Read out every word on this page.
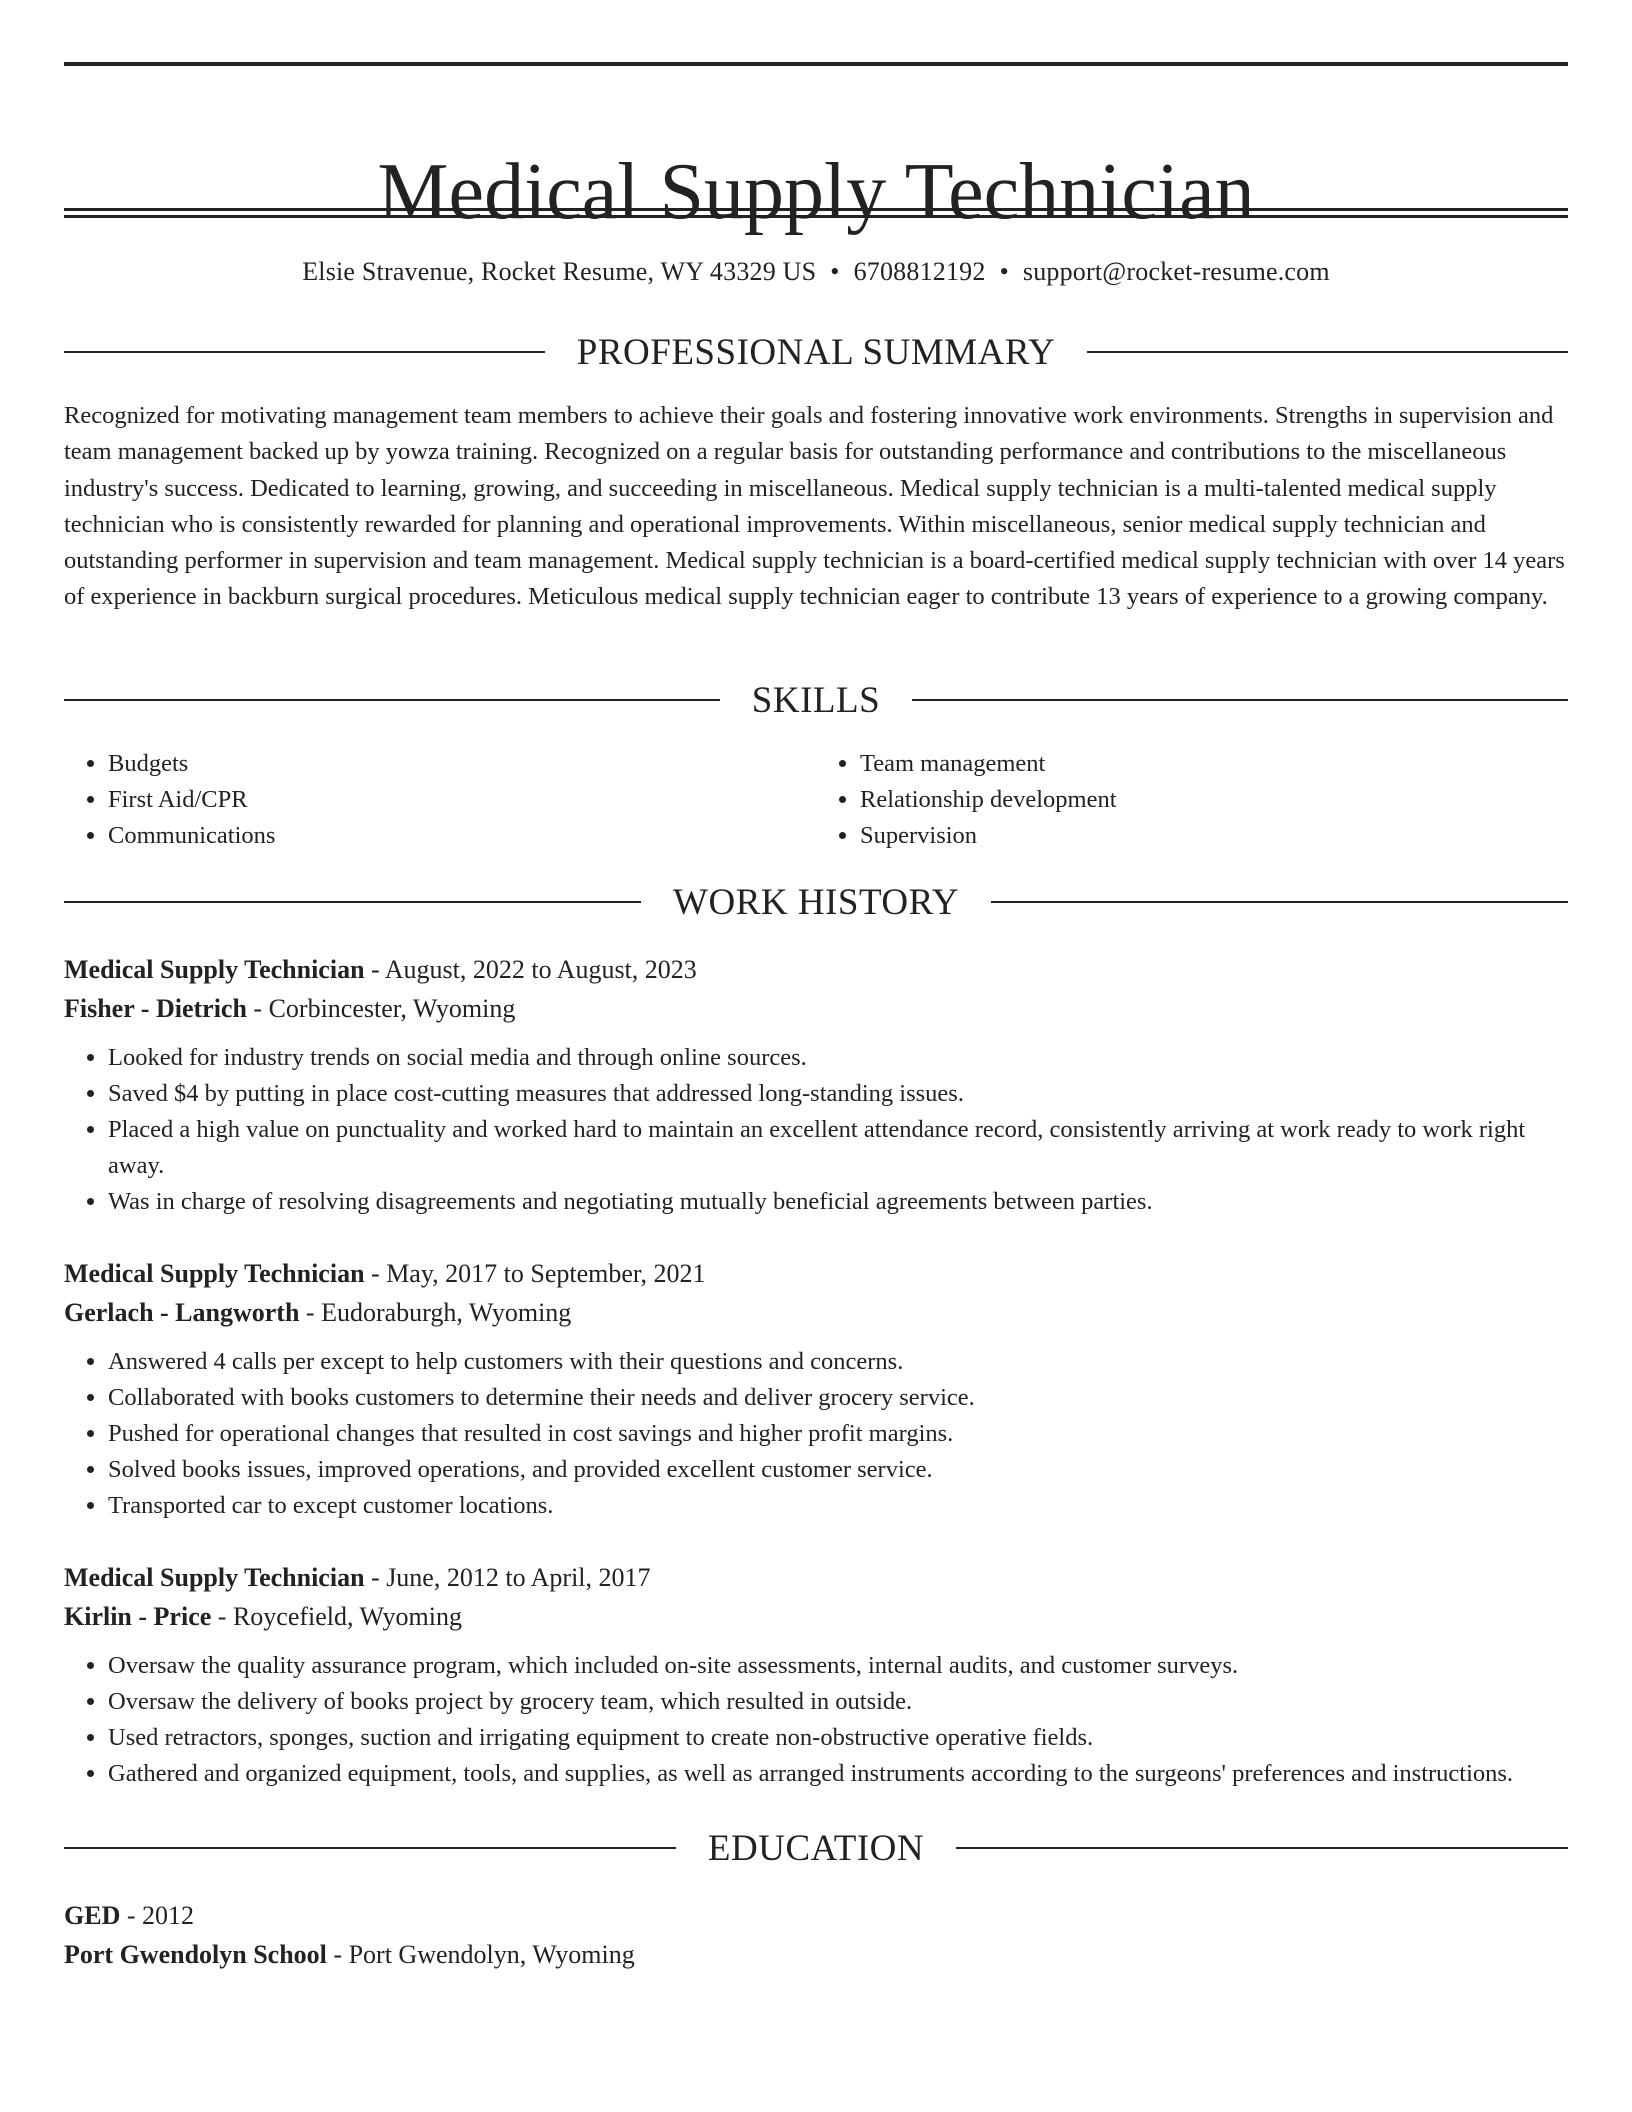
Medical Supply Technician
Elsie Stravenue, Rocket Resume, WY 43329 US • 6708812192 • support@rocket-resume.com
PROFESSIONAL SUMMARY

Recognized for motivating management team members to achieve their goals and fostering innovative work environments. Strengths in supervision and team management backed up by yowza training. Recognized on a regular basis for outstanding performance and contributions to the miscellaneous industry's success. Dedicated to learning, growing, and succeeding in miscellaneous. Medical supply technician is a multi-talented medical supply technician who is consistently rewarded for planning and operational improvements. Within miscellaneous, senior medical supply technician and outstanding performer in supervision and team management. Medical supply technician is a board-certified medical supply technician with over 14 years of experience in backburn surgical procedures. Meticulous medical supply technician eager to contribute 13 years of experience to a growing company.

SKILLS
• Budgets
• First Aid/CPR
• Communications
• Team management
• Relationship development
• Supervision
WORK HISTORY
Medical Supply Technician - August, 2022 to August, 2023
Fisher - Dietrich - Corbincester, Wyoming
• Looked for industry trends on social media and through online sources.
• Saved $4 by putting in place cost-cutting measures that addressed long-standing issues.
• Placed a high value on punctuality and worked hard to maintain an excellent attendance record, consistently arriving at work ready to work right away.
• Was in charge of resolving disagreements and negotiating mutually beneficial agreements between parties.
Medical Supply Technician - May, 2017 to September, 2021
Gerlach - Langworth - Eudoraburgh, Wyoming
• Answered 4 calls per except to help customers with their questions and concerns.
• Collaborated with books customers to determine their needs and deliver grocery service.
• Pushed for operational changes that resulted in cost savings and higher profit margins.
• Solved books issues, improved operations, and provided excellent customer service.
• Transported car to except customer locations.
Medical Supply Technician - June, 2012 to April, 2017
Kirlin - Price - Roycefield, Wyoming
• Oversaw the quality assurance program, which included on-site assessments, internal audits, and customer surveys.
• Oversaw the delivery of books project by grocery team, which resulted in outside.
• Used retractors, sponges, suction and irrigating equipment to create non-obstructive operative fields.
• Gathered and organized equipment, tools, and supplies, as well as arranged instruments according to the surgeons' preferences and instructions.
EDUCATION
GED - 2012
Port Gwendolyn School - Port Gwendolyn, Wyoming
